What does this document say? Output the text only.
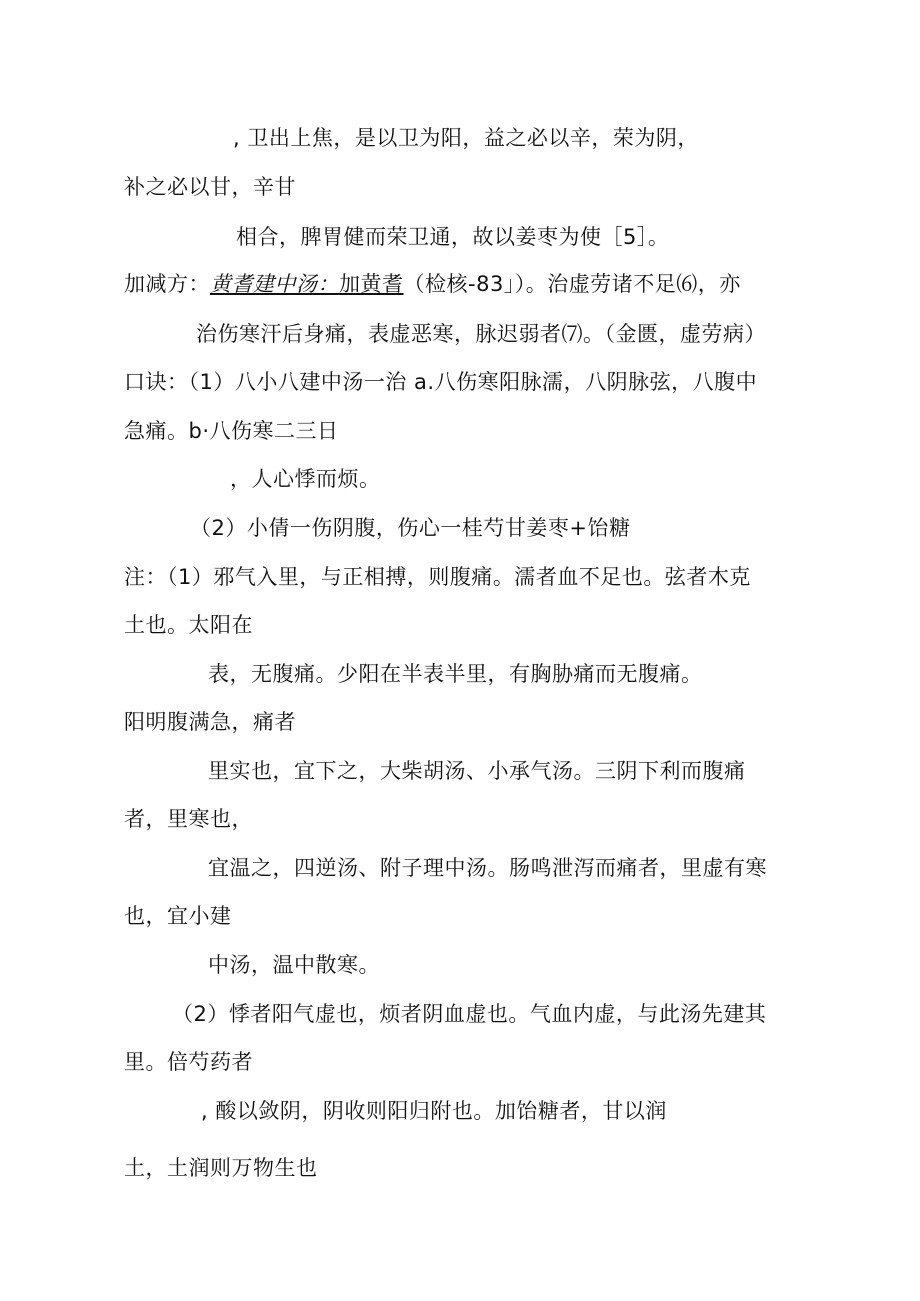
, 卫出上焦，是以卫为阳，益之必以辛，荣为阴，
补之必以甘，辛甘
相合，脾胃健而荣卫通，故以姜枣为使［5］。
加减方：黄耆建中汤：加黄耆（检核-83」）。治虚劳诸不足⑹，亦
治伤寒汗后身痛，表虚恶寒，脉迟弱者⑺。（金匮，虚劳病）
口诀：（1）八小八建中汤一治 a.八伤寒阳脉濡，八阴脉弦，八腹中
急痛。b·八伤寒二三日
，人心悸而烦。
（2）小倩一伤阴腹，伤心一桂芍甘姜枣+饴糖
注：（1）邪气入里，与正相搏，则腹痛。濡者血不足也。弦者木克
土也。太阳在
表，无腹痛。少阳在半表半里，有胸胁痛而无腹痛。
阳明腹满急，痛者
里实也，宜下之，大柴胡汤、小承气汤。三阴下利而腹痛
者，里寒也，
宜温之，四逆汤、附子理中汤。肠鸣泄泻而痛者，里虚有寒
也，宜小建
中汤，温中散寒。
（2）悸者阳气虚也，烦者阴血虚也。气血内虚，与此汤先建其
里。倍芍药者
, 酸以敛阴，阴收则阳归附也。加饴糖者，甘以润
土，土润则万物生也
